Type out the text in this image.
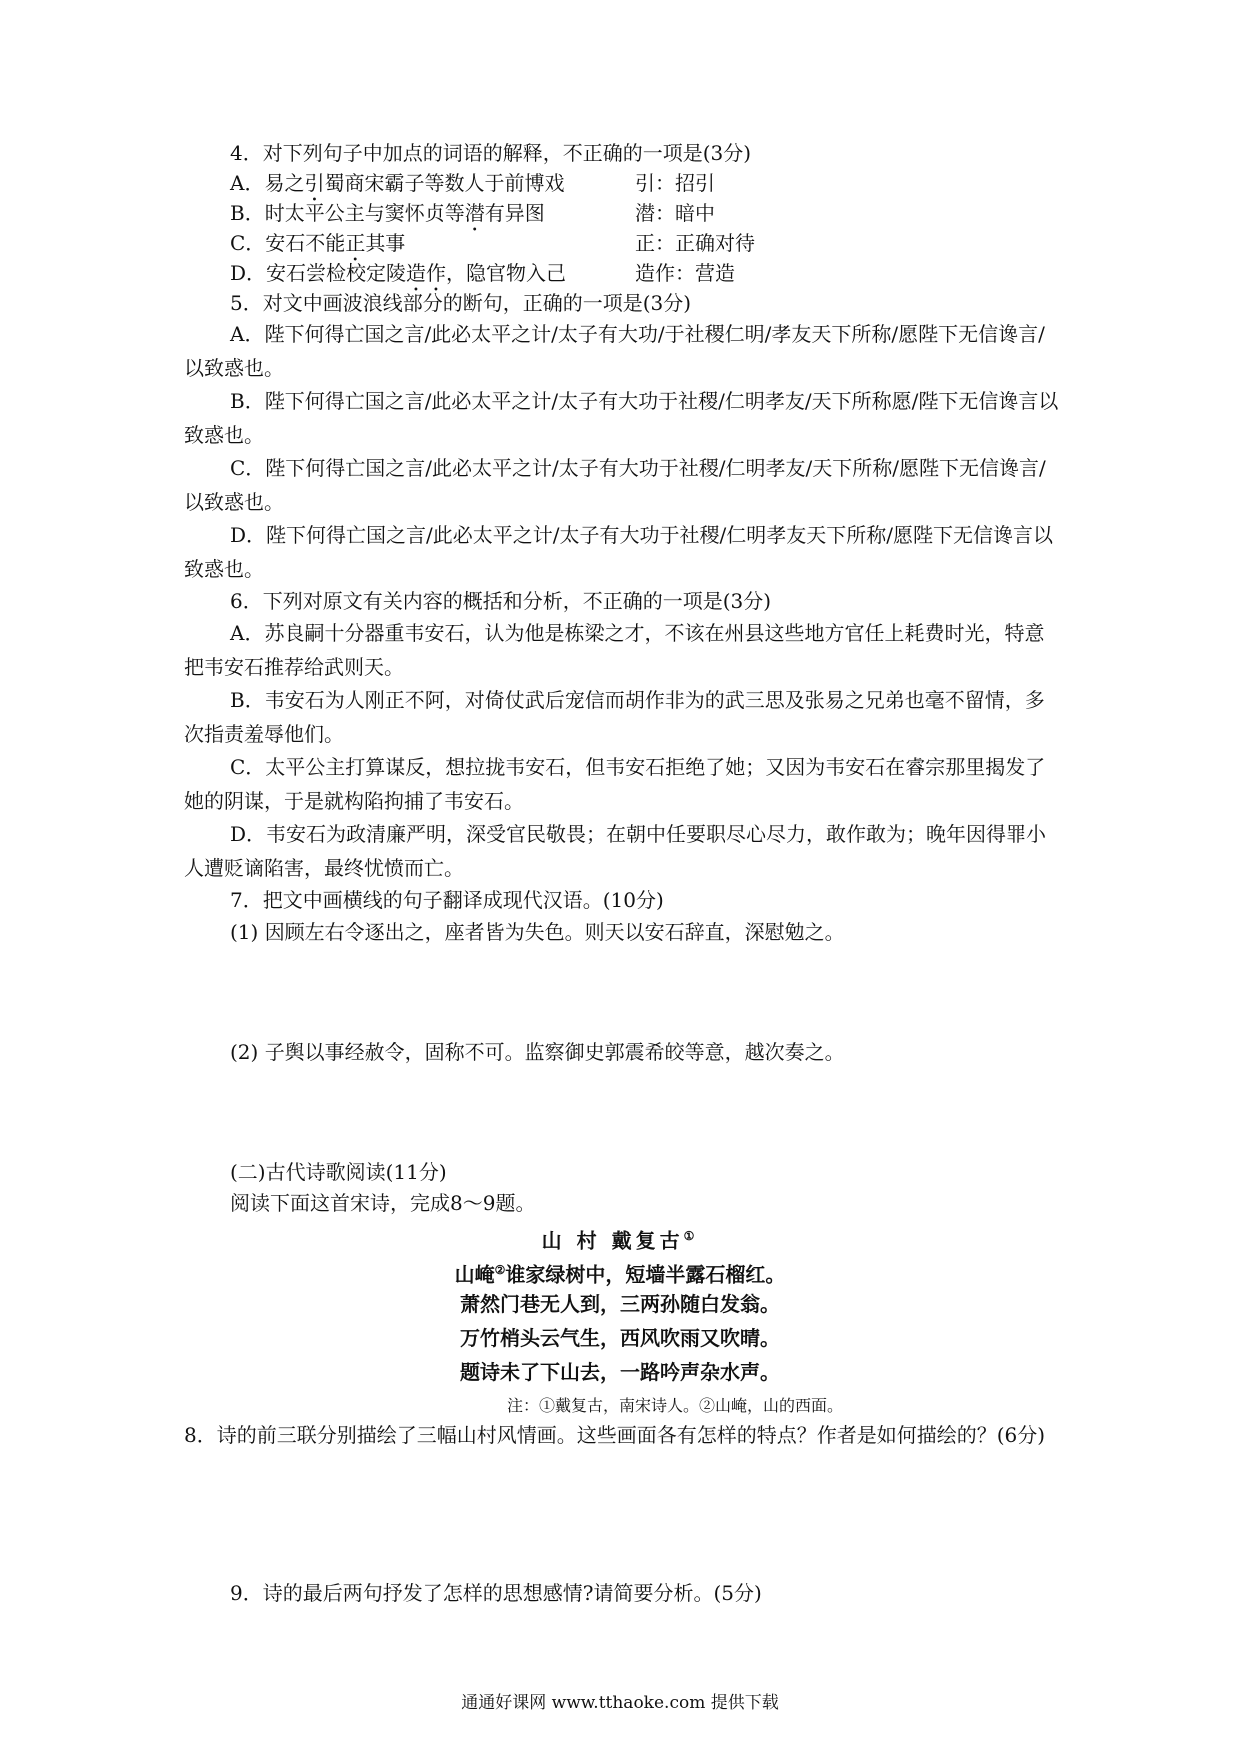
4．对下列句子中加点的词语的解释，不正确的一项是(3分)
A．易之引蜀商宋霸子等数人于前博戏	引：招引
B．时太平公主与窦怀贞等潜有异图	潜：暗中
C．安石不能正其事	正：正确对待
D．安石尝检校定陵造作，隐官物入己	造作：营造
5．对文中画波浪线部分的断句，正确的一项是(3分)
A．陛下何得亡国之言/此必太平之计/太子有大功/于社稷仁明/孝友天下所称/愿陛下无信谗言/以致惑也。
B．陛下何得亡国之言/此必太平之计/太子有大功于社稷/仁明孝友/天下所称愿/陛下无信谗言以致惑也。
C．陛下何得亡国之言/此必太平之计/太子有大功于社稷/仁明孝友/天下所称/愿陛下无信谗言/以致惑也。
D．陛下何得亡国之言/此必太平之计/太子有大功于社稷/仁明孝友天下所称/愿陛下无信谗言以致惑也。
6．下列对原文有关内容的概括和分析，不正确的一项是(3分)
A．苏良嗣十分器重韦安石，认为他是栋梁之才，不该在州县这些地方官任上耗费时光，特意把韦安石推荐给武则天。
B．韦安石为人刚正不阿，对倚仗武后宠信而胡作非为的武三思及张易之兄弟也毫不留情，多次指责羞辱他们。
C．太平公主打算谋反，想拉拢韦安石，但韦安石拒绝了她；又因为韦安石在睿宗那里揭发了她的阴谋，于是就构陷拘捕了韦安石。
D．韦安石为政清廉严明，深受官民敬畏；在朝中任要职尽心尽力，敢作敢为；晚年因得罪小人遭贬谪陷害，最终忧愤而亡。
7．把文中画横线的句子翻译成现代汉语。(10分)
(1) 因顾左右令逐出之，座者皆为失色。则天以安石辞直，深慰勉之。
(2) 子舆以事经赦令，固称不可。监察御史郭震希皎等意，越次奏之。
(二)古代诗歌阅读(11分)
阅读下面这首宋诗，完成8～9题。
山 村 戴复古①
山崦②谁家绿树中，短墙半露石榴红。
萧然门巷无人到，三两孙随白发翁。
万竹梢头云气生，西风吹雨又吹晴。
题诗未了下山去，一路吟声杂水声。
注：①戴复古，南宋诗人。②山崦，山的西面。
8．诗的前三联分别描绘了三幅山村风情画。这些画面各有怎样的特点？作者是如何描绘的？(6分)
9．诗的最后两句抒发了怎样的思想感情?请简要分析。(5分)
通通好课网 www.tthaoke.com 提供下载
